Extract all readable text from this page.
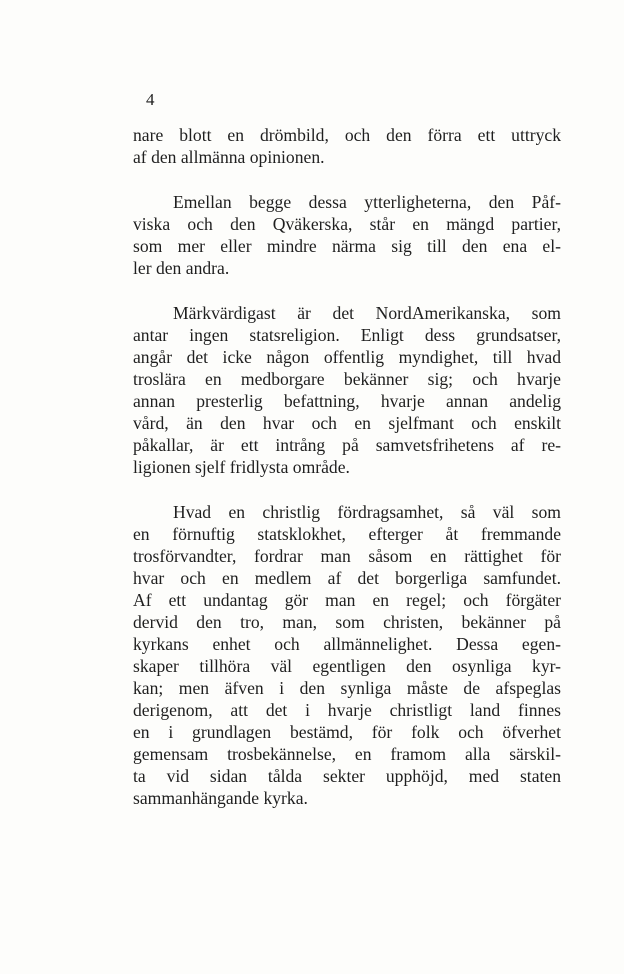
4
nare blott en drömbild, och den förra ett uttryck
af den allmänna opinionen.
Emellan begge dessa ytterligheterna, den Påf-
viska och den Qväkerska, står en mängd partier,
som mer eller mindre närma sig till den ena el-
ler den andra.
Märkvärdigast är det NordAmerikanska, som
antar ingen statsreligion. Enligt dess grundsatser,
angår det icke någon offentlig myndighet, till hvad
troslära en medborgare bekänner sig; och hvarje
annan presterlig befattning, hvarje annan andelig
vård, än den hvar och en sjelfmant och enskilt
påkallar, är ett intrång på samvetsfrihetens af re-
ligionen sjelf fridlysta område.
Hvad en christlig fördragsamhet, så väl som
en förnuftig statsklokhet, efterger åt fremmande
trosförvandter, fordrar man såsom en rättighet för
hvar och en medlem af det borgerliga samfundet.
Af ett undantag gör man en regel; och förgäter
dervid den tro, man, som christen, bekänner på
kyrkans enhet och allmännelighet. Dessa egen-
skaper tillhöra väl egentligen den osynliga kyr-
kan; men äfven i den synliga måste de afspeglas
derigenom, att det i hvarje christligt land finnes
en i grundlagen bestämd, för folk och öfverhet
gemensam trosbekännelse, en framom alla särskil-
ta vid sidan tålda sekter upphöjd, med staten
sammanhängande kyrka.
